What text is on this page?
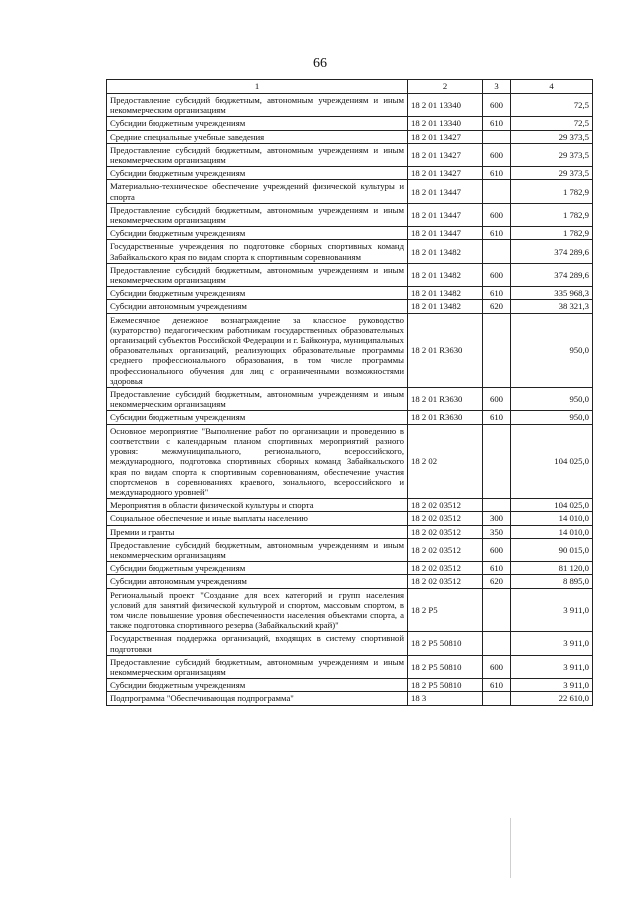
66
1	2	3	4
Предоставление субсидий бюджетным, автономным учреждениям и иным некоммерческим организациям	18 2 01 13340	600	72,5
Субсидии бюджетным учреждениям	18 2 01 13340	610	72,5
Средние специальные учебные заведения	18 2 01 13427		29 373,5
Предоставление субсидий бюджетным, автономным учреждениям и иным некоммерческим организациям	18 2 01 13427	600	29 373,5
Субсидии бюджетным учреждениям	18 2 01 13427	610	29 373,5
Материально-техническое обеспечение учреждений физической культуры и спорта	18 2 01 13447		1 782,9
Предоставление субсидий бюджетным, автономным учреждениям и иным некоммерческим организациям	18 2 01 13447	600	1 782,9
Субсидии бюджетным учреждениям	18 2 01 13447	610	1 782,9
Государственные учреждения по подготовке сборных спортивных команд Забайкальского края по видам спорта к спортивным соревнованиям	18 2 01 13482		374 289,6
Предоставление субсидий бюджетным, автономным учреждениям и иным некоммерческим организациям	18 2 01 13482	600	374 289,6
Субсидии бюджетным учреждениям	18 2 01 13482	610	335 968,3
Субсидии автономным учреждениям	18 2 01 13482	620	38 321,3
Ежемесячное денежное вознаграждение за классное руководство (кураторство) педагогическим работникам государственных образовательных организаций субъектов Российской Федерации и г. Байконура, муниципальных образовательных организаций, реализующих образовательные программы среднего профессионального образования, в том числе программы профессионального обучения для лиц с ограниченными возможностями здоровья	18 2 01 R3630		950,0
Предоставление субсидий бюджетным, автономным учреждениям и иным некоммерческим организациям	18 2 01 R3630	600	950,0
Субсидии бюджетным учреждениям	18 2 01 R3630	610	950,0
Основное мероприятие "Выполнение работ по организации и проведению в соответствии с календарным планом спортивных мероприятий разного уровня: межмуниципального, регионального, всероссийского, международного, подготовка спортивных сборных команд Забайкальского края по видам спорта к спортивным соревнованиям, обеспечение участия спортсменов в соревнованиях краевого, зонального, всероссийского и международного уровней"	18 2 02		104 025,0
Мероприятия в области физической культуры и спорта	18 2 02 03512		104 025,0
Социальное обеспечение и иные выплаты населению	18 2 02 03512	300	14 010,0
Премии и гранты	18 2 02 03512	350	14 010,0
Предоставление субсидий бюджетным, автономным учреждениям и иным некоммерческим организациям	18 2 02 03512	600	90 015,0
Субсидии бюджетным учреждениям	18 2 02 03512	610	81 120,0
Субсидии автономным учреждениям	18 2 02 03512	620	8 895,0
Региональный проект "Создание для всех категорий и групп населения условий для занятий физической культурой и спортом, массовым спортом, в том числе повышение уровня обеспеченности населения объектами спорта, а также подготовка спортивного резерва (Забайкальский край)"	18 2 P5		3 911,0
Государственная поддержка организаций, входящих в систему спортивной подготовки	18 2 P5 50810		3 911,0
Предоставление субсидий бюджетным, автономным учреждениям и иным некоммерческим организациям	18 2 P5 50810	600	3 911,0
Субсидии бюджетным учреждениям	18 2 P5 50810	610	3 911,0
Подпрограмма "Обеспечивающая подпрограмма"	18 3		22 610,0
